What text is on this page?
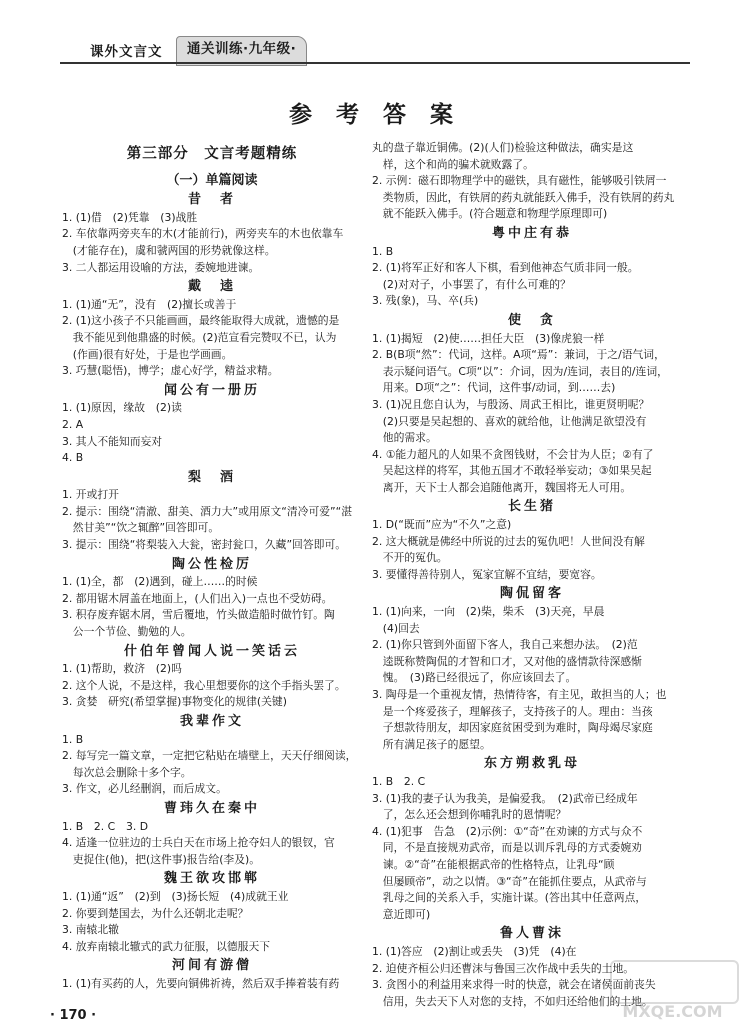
课外文言文	通关训练·九年级·
参 考 答 案
第三部分　文言考题精练
（一）单篇阅读
昔　者
1. (1)借　(2)凭靠　(3)战胜
2. 车依靠两旁夹车的木(才能前行)，两旁夹车的木也依靠车
　(才能存在)，虞和虢两国的形势就像这样。
3. 二人都运用设喻的方法，委婉地进谏。
戴　逵
1. (1)通“无”，没有　(2)擅长或善于
2. (1)这小孩子不只能画画，最终能取得大成就，遗憾的是
　我不能见到他鼎盛的时候。(2)范宣看完赞叹不已，认为
　(作画)很有好处，于是也学画画。
3. 巧慧(聪悟)，博学；虚心好学，精益求精。
闻公有一册历
1. (1)原因，缘故　(2)读
2. A
3. 其人不能知而妄对
4. B
梨　酒
1. 开或打开
2. 提示：围绕“清澈、甜美、酒力大”或用原文“清冷可爱”“湛
　然甘美”“饮之辄醉”回答即可。
3. 提示：围绕“将梨装入大瓮，密封瓮口，久藏”回答即可。
陶公性检厉
1. (1)全，都　(2)遇到，碰上……的时候
2. 都用锯木屑盖在地面上，(人们出入)一点也不受妨碍。
3. 积存废弃锯木屑，雪后覆地，竹头做造船时做竹钉。陶
　公一个节俭、勤勉的人。
什伯年曾闻人说一笑话云
1. (1)帮助，救济　(2)吗
2. 这个人说，不是这样，我心里想要你的这个手指头罢了。
3. 贪婪　研究(希望掌握)事物变化的规律(关键)
我辈作文
1. B
2. 每写完一篇文章，一定把它粘贴在墙壁上，天天仔细阅读，
　每次总会删除十多个字。
3. 作文，必儿经删润，而后成文。
曹玮久在秦中
1. B　2. C　3. D
4. 适逢一位驻边的士兵白天在市场上抢夺妇人的银钗，官
　吏捉住(他)，把(这件事)报告给(李及)。
魏王欲攻邯郸
1. (1)通“返”　(2)到　(3)扬长短　(4)成就王业
2. 你要到楚国去，为什么还朝北走呢？
3. 南辕北辙
4. 放弃南辕北辙式的武力征服，以德服天下
河间有游僧
1. (1)有买药的人，先要向铜佛祈祷，然后双手捧着装有药
丸的盘子靠近铜佛。(2)(人们)检验这种做法，确实是这
　样，这个和尚的骗术就败露了。
2. 示例：磁石即物理学中的磁铁，具有磁性，能够吸引铁屑一
　类物质，因此，有铁屑的药丸就能跃入佛手，没有铁屑的药丸
　就不能跃入佛手。(符合题意和物理学原理即可)
粤中庄有恭
1. B
2. (1)将军正好和客人下棋，看到他神态气质非同一般。
　(2)对对子，小事罢了，有什么可难的？
3. 残(象)，马、卒(兵)
使　贪
1. (1)揭短　(2)使……担任大臣　(3)像虎狼一样
2. B(B项“然”：代词，这样。A项“焉”：兼词，于之/语气词，
　表示疑问语气。C项“以”：介词，因为/连词，表目的/连词，
　用来。D项“之”：代词，这件事/动词，到……去)
3. (1)况且您自认为，与殷汤、周武王相比，谁更贤明呢？
　(2)只要是吴起想的、喜欢的就给他，让他满足欲望没有
　他的需求。
4. ①能力超凡的人如果不贪图钱财，不会甘为人臣；②有了
　吴起这样的将军，其他五国才不敢轻举妄动；③如果吴起
　离开，天下士人都会追随他离开，魏国将无人可用。
长生猪
1. D(“既而”应为“不久”之意)
2. 这大概就是佛经中所说的过去的冤仇吧！人世间没有解
　不开的冤仇。
3. 要懂得善待别人，冤家宜解不宜结，要宽容。
陶侃留客
1. (1)向来，一向　(2)柴，柴禾　(3)天亮，早晨
　(4)回去
2. (1)你只管到外面留下客人，我自己来想办法。　(2)范
　逵既称赞陶侃的才智和口才，又对他的盛情款待深感惭
　愧。　(3)路已经很远了，你应该回去了。
3. 陶母是一个重视友情，热情待客，有主见，敢担当的人；也
　是一个疼爱孩子，理解孩子，支持孩子的人。理由：当孩
　子想款待朋友，却因家庭贫困受到为难时，陶母竭尽家庭
　所有满足孩子的愿望。
东方朔救乳母
1. B　2. C
3. (1)我的妻子认为我美，是偏爱我。　(2)武帝已经成年
　了，怎么还会想到你哺乳时的恩情呢？
4. (1)犯事　告急　(2)示例：①“奇”在劝谏的方式与众不
　同，不是直接规劝武帝，而是以训斥乳母的方式委婉劝
　谏。②“奇”在能根据武帝的性格特点，让乳母“顾
　但屡顾帝”，动之以情。③“奇”在能抓住要点，从武帝与
　乳母之间的关系入手，实施计谋。(答出其中任意两点，
　意近即可)
鲁人曹沫
1. (1)答应　(2)割让或丢失　(3)凭　(4)在
2. 迫使齐桓公归还曹沫与鲁国三次作战中丢失的土地。
3. 贪图小的利益用来求得一时的快意，就会在诸侯面前丧失
　信用，失去天下人对您的支持，不如归还给他们的土地。
· 170 ·	MXQE.COM
